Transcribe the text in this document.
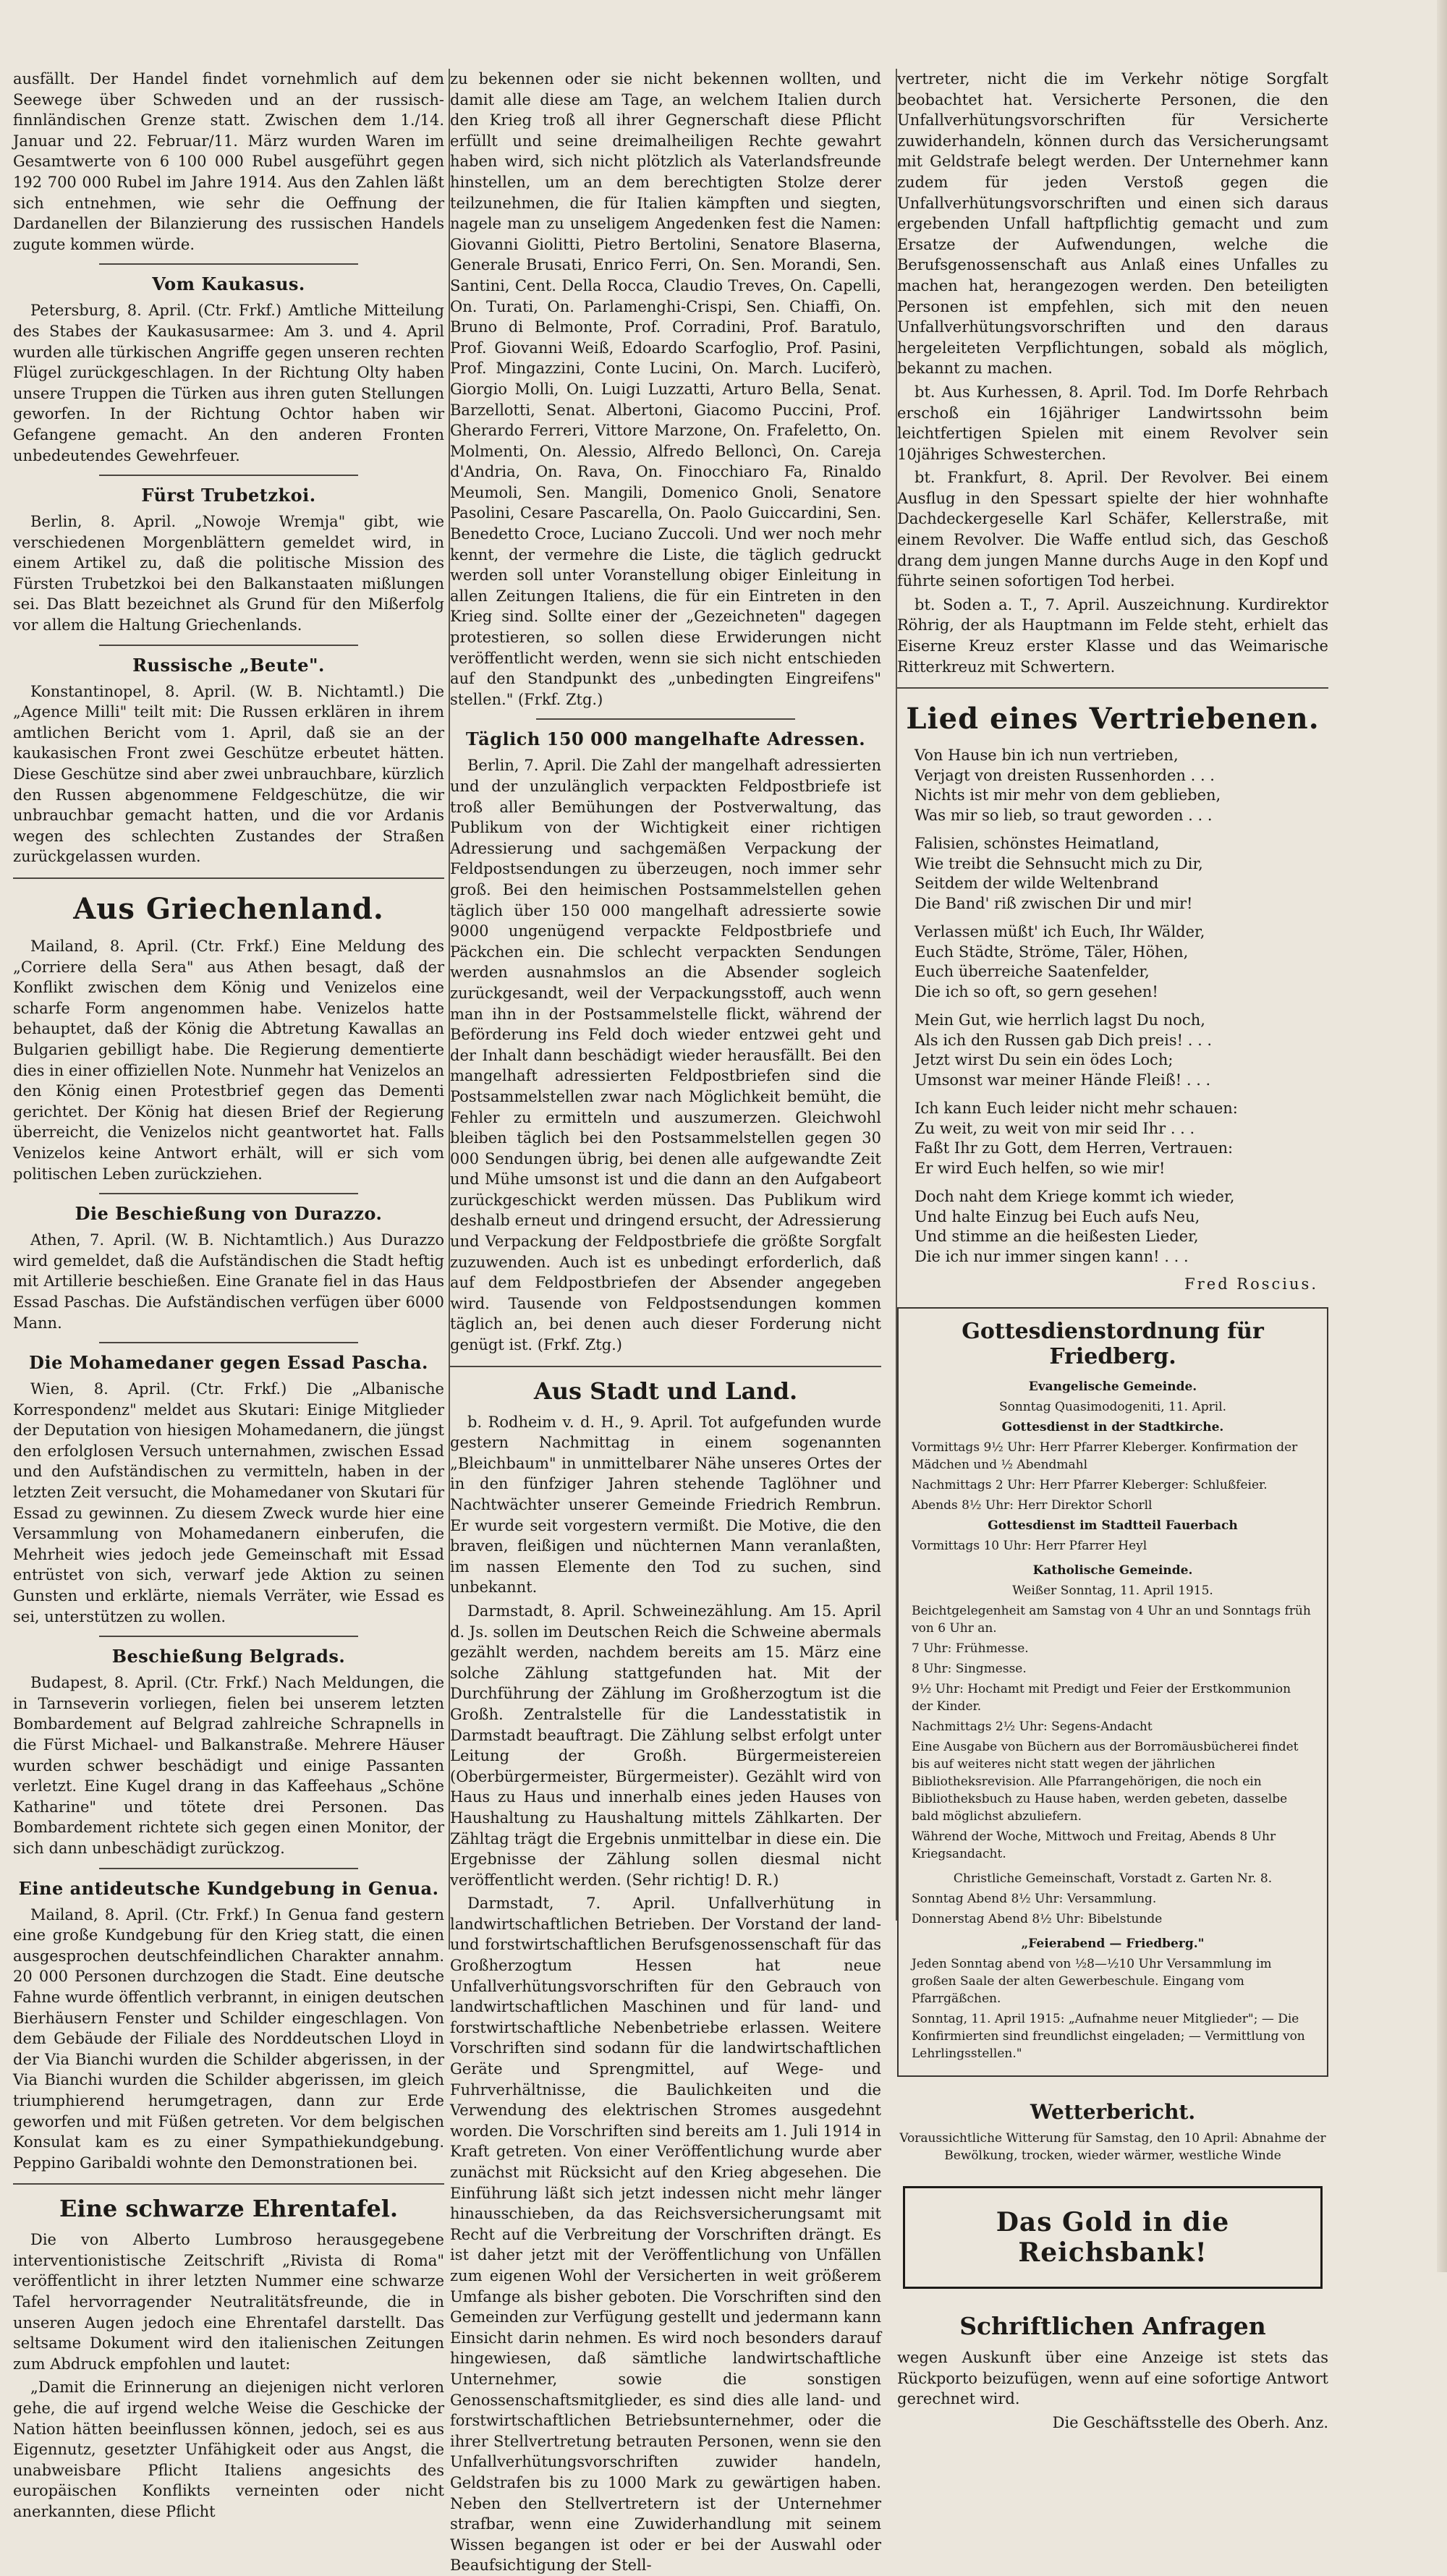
ausfällt. Der Handel findet vornehmlich auf dem Seewege über Schweden und an der russisch-finnländischen Grenze statt. Zwischen dem 1./14. Januar und 22. Februar/11. März wurden Waren im Gesamtwerte von 6 100 000 Rubel ausgeführt gegen 192 700 000 Rubel im Jahre 1914. Aus den Zahlen läßt sich entnehmen, wie sehr die Oeffnung der Dardanellen der Bilanzierung des russischen Handels zugute kommen würde.

Vom Kaukasus.

Petersburg, 8. April. (Ctr. Frkf.) Amtliche Mitteilung des Stabes der Kaukasusarmee: Am 3. und 4. April wurden alle türkischen Angriffe gegen unseren rechten Flügel zurückgeschlagen. In der Richtung Olty haben unsere Truppen die Türken aus ihren guten Stellungen geworfen. In der Richtung Ochtor haben wir Gefangene gemacht. An den anderen Fronten unbedeutendes Gewehrfeuer.

Fürst Trubetzkoi.

Berlin, 8. April. „Nowoje Wremja" gibt, wie verschiedenen Morgenblättern gemeldet wird, in einem Artikel zu, daß die politische Mission des Fürsten Trubetzkoi bei den Balkanstaaten mißlungen sei. Das Blatt bezeichnet als Grund für den Mißerfolg vor allem die Haltung Griechenlands.

Russische „Beute".

Konstantinopel, 8. April. (W. B. Nichtamtl.) Die „Agence Milli" teilt mit: Die Russen erklären in ihrem amtlichen Bericht vom 1. April, daß sie an der kaukasischen Front zwei Geschütze erbeutet hätten. Diese Geschütze sind aber zwei unbrauchbare, kürzlich den Russen abgenommene Feldgeschütze, die wir unbrauchbar gemacht hatten, und die vor Ardanis wegen des schlechten Zustandes der Straßen zurückgelassen wurden.

Aus Griechenland.

Mailand, 8. April. (Ctr. Frkf.) Eine Meldung des „Corriere della Sera" aus Athen besagt, daß der Konflikt zwischen dem König und Venizelos eine scharfe Form angenommen habe. Venizelos hatte behauptet, daß der König die Abtretung Kawallas an Bulgarien gebilligt habe. Die Regierung dementierte dies in einer offiziellen Note. Nunmehr hat Venizelos an den König einen Protestbrief gegen das Dementi gerichtet. Der König hat diesen Brief der Regierung überreicht, die Venizelos nicht geantwortet hat. Falls Venizelos keine Antwort erhält, will er sich vom politischen Leben zurückziehen.

Die Beschießung von Durazzo.

Athen, 7. April. (W. B. Nichtamtlich.) Aus Durazzo wird gemeldet, daß die Aufständischen die Stadt heftig mit Artillerie beschießen. Eine Granate fiel in das Haus Essad Paschas. Die Aufständischen verfügen über 6000 Mann.

Die Mohamedaner gegen Essad Pascha.

Wien, 8. April. (Ctr. Frkf.) Die „Albanische Korrespondenz" meldet aus Skutari: Einige Mitglieder der Deputation von hiesigen Mohamedanern, die jüngst den erfolglosen Versuch unternahmen, zwischen Essad und den Aufständischen zu vermitteln, haben in der letzten Zeit versucht, die Mohamedaner von Skutari für Essad zu gewinnen. Zu diesem Zweck wurde hier eine Versammlung von Mohamedanern einberufen, die Mehrheit wies jedoch jede Gemeinschaft mit Essad entrüstet von sich, verwarf jede Aktion zu seinen Gunsten und erklärte, niemals Verräter, wie Essad es sei, unterstützen zu wollen.

Beschießung Belgrads.

Budapest, 8. April. (Ctr. Frkf.) Nach Meldungen, die in Tarnseverin vorliegen, fielen bei unserem letzten Bombardement auf Belgrad zahlreiche Schrapnells in die Fürst Michael- und Balkanstraße. Mehrere Häuser wurden schwer beschädigt und einige Passanten verletzt. Eine Kugel drang in das Kaffeehaus „Schöne Katharine" und tötete drei Personen. Das Bombardement richtete sich gegen einen Monitor, der sich dann unbeschädigt zurückzog.

Eine antideutsche Kundgebung in Genua.

Mailand, 8. April. (Ctr. Frkf.) In Genua fand gestern eine große Kundgebung für den Krieg statt, die einen ausgesprochen deutschfeindlichen Charakter annahm. 20 000 Personen durchzogen die Stadt. Eine deutsche Fahne wurde öffentlich verbrannt, in einigen deutschen Bierhäusern Fenster und Schilder eingeschlagen. Von dem Gebäude der Filiale des Norddeutschen Lloyd in der Via Bianchi wurden die Schilder abgerissen, in der Via Bianchi wurden die Schilder abgerissen, im gleich triumphierend herumgetragen, dann zur Erde geworfen und mit Füßen getreten. Vor dem belgischen Konsulat kam es zu einer Sympathiekundgebung. Peppino Garibaldi wohnte den Demonstrationen bei.

Eine schwarze Ehrentafel.

Die von Alberto Lumbroso herausgegebene interventionistische Zeitschrift „Rivista di Roma" veröffentlicht in ihrer letzten Nummer eine schwarze Tafel hervorragender Neutralitätsfreunde, die in unseren Augen jedoch eine Ehrentafel darstellt. Das seltsame Dokument wird den italienischen Zeitungen zum Abdruck empfohlen und lautet:

„Damit die Erinnerung an diejenigen nicht verloren gehe, die auf irgend welche Weise die Geschicke der Nation hätten beeinflussen können, jedoch, sei es aus Eigennutz, gesetzter Unfähigkeit oder aus Angst, die unabweisbare Pflicht Italiens angesichts des europäischen Konflikts verneinten oder nicht anerkannten, diese Pflicht

zu bekennen oder sie nicht bekennen wollten, und damit alle diese am Tage, an welchem Italien durch den Krieg troß all ihrer Gegnerschaft diese Pflicht erfüllt und seine dreimalheiligen Rechte gewahrt haben wird, sich nicht plötzlich als Vaterlandsfreunde hinstellen, um an dem berechtigten Stolze derer teilzunehmen, die für Italien kämpften und siegten, nagele man zu unseligem Angedenken fest die Namen: Giovanni Giolitti, Pietro Bertolini, Senatore Blaserna, Generale Brusati, Enrico Ferri, On. Sen. Morandi, Sen. Santini, Cent. Della Rocca, Claudio Treves, On. Capelli, On. Turati, On. Parlamenghi-Crispi, Sen. Chiaffi, On. Bruno di Belmonte, Prof. Corradini, Prof. Baratulo, Prof. Giovanni Weiß, Edoardo Scarfoglio, Prof. Pasini, Prof. Mingazzini, Conte Lucini, On. March. Luciferò, Giorgio Molli, On. Luigi Luzzatti, Arturo Bella, Senat. Barzellotti, Senat. Albertoni, Giacomo Puccini, Prof. Gherardo Ferreri, Vittore Marzone, On. Frafeletto, On. Molmenti, On. Alessio, Alfredo Belloncì, On. Careja d'Andria, On. Rava, On. Finocchiaro Fa, Rinaldo Meumoli, Sen. Mangili, Domenico Gnoli, Senatore Pasolini, Cesare Pascarella, On. Paolo Guiccardini, Sen. Benedetto Croce, Luciano Zuccoli. Und wer noch mehr kennt, der vermehre die Liste, die täglich gedruckt werden soll unter Voranstellung obiger Einleitung in allen Zeitungen Italiens, die für ein Eintreten in den Krieg sind. Sollte einer der „Gezeichneten" dagegen protestieren, so sollen diese Erwiderungen nicht veröffentlicht werden, wenn sie sich nicht entschieden auf den Standpunkt des „unbedingten Eingreifens" stellen." (Frkf. Ztg.)

Täglich 150 000 mangelhafte Adressen.

Berlin, 7. April. Die Zahl der mangelhaft adressierten und der unzulänglich verpackten Feldpostbriefe ist troß aller Bemühungen der Postverwaltung, das Publikum von der Wichtigkeit einer richtigen Adressierung und sachgemäßen Verpackung der Feldpostsendungen zu überzeugen, noch immer sehr groß. Bei den heimischen Postsammelstellen gehen täglich über 150 000 mangelhaft adressierte sowie 9000 ungenügend verpackte Feldpostbriefe und Päckchen ein. Die schlecht verpackten Sendungen werden ausnahmslos an die Absender sogleich zurückgesandt, weil der Verpackungsstoff, auch wenn man ihn in der Postsammelstelle flickt, während der Beförderung ins Feld doch wieder entzwei geht und der Inhalt dann beschädigt wieder herausfällt. Bei den mangelhaft adressierten Feldpostbriefen sind die Postsammelstellen zwar nach Möglichkeit bemüht, die Fehler zu ermitteln und auszumerzen. Gleichwohl bleiben täglich bei den Postsammelstellen gegen 30 000 Sendungen übrig, bei denen alle aufgewandte Zeit und Mühe umsonst ist und die dann an den Aufgabeort zurückgeschickt werden müssen. Das Publikum wird deshalb erneut und dringend ersucht, der Adressierung und Verpackung der Feldpostbriefe die größte Sorgfalt zuzuwenden. Auch ist es unbedingt erforderlich, daß auf dem Feldpostbriefen der Absender angegeben wird. Tausende von Feldpostsendungen kommen täglich an, bei denen auch dieser Forderung nicht genügt ist. (Frkf. Ztg.)

Aus Stadt und Land.

b. Rodheim v. d. H., 9. April. Tot aufgefunden wurde gestern Nachmittag in einem sogenannten „Bleichbaum" in unmittelbarer Nähe unseres Ortes der in den fünfziger Jahren stehende Taglöhner und Nachtwächter unserer Gemeinde Friedrich Rembrun. Er wurde seit vorgestern vermißt. Die Motive, die den braven, fleißigen und nüchternen Mann veranlaßten, im nassen Elemente den Tod zu suchen, sind unbekannt.

Darmstadt, 8. April. Schweinezählung. Am 15. April d. Js. sollen im Deutschen Reich die Schweine abermals gezählt werden, nachdem bereits am 15. März eine solche Zählung stattgefunden hat. Mit der Durchführung der Zählung im Großherzogtum ist die Großh. Zentralstelle für die Landesstatistik in Darmstadt beauftragt. Die Zählung selbst erfolgt unter Leitung der Großh. Bürgermeistereien (Oberbürgermeister, Bürgermeister). Gezählt wird von Haus zu Haus und innerhalb eines jeden Hauses von Haushaltung zu Haushaltung mittels Zählkarten. Der Zähltag trägt die Ergebnis unmittelbar in diese ein. Die Ergebnisse der Zählung sollen diesmal nicht veröffentlicht werden. (Sehr richtig! D. R.)

Darmstadt, 7. April. Unfallverhütung in landwirtschaftlichen Betrieben. Der Vorstand der land- und forstwirtschaftlichen Berufsgenossenschaft für das Großherzogtum Hessen hat neue Unfallverhütungsvorschriften für den Gebrauch von landwirtschaftlichen Maschinen und für land- und forstwirtschaftliche Nebenbetriebe erlassen. Weitere Vorschriften sind sodann für die landwirtschaftlichen Geräte und Sprengmittel, auf Wege- und Fuhrverhältnisse, die Baulichkeiten und die Verwendung des elektrischen Stromes ausgedehnt worden. Die Vorschriften sind bereits am 1. Juli 1914 in Kraft getreten. Von einer Veröffentlichung wurde aber zunächst mit Rücksicht auf den Krieg abgesehen. Die Einführung läßt sich jetzt indessen nicht mehr länger hinausschieben, da das Reichsversicherungsamt mit Recht auf die Verbreitung der Vorschriften drängt. Es ist daher jetzt mit der Veröffentlichung von Unfällen zum eigenen Wohl der Versicherten in weit größerem Umfange als bisher geboten. Die Vorschriften sind den Gemeinden zur Verfügung gestellt und jedermann kann Einsicht darin nehmen. Es wird noch besonders darauf hingewiesen, daß sämtliche landwirtschaftliche Unternehmer, sowie die sonstigen Genossenschaftsmitglieder, es sind dies alle land- und forstwirtschaftlichen Betriebsunternehmer, oder die ihrer Stellvertretung betrauten Personen, wenn sie den Unfallverhütungsvorschriften zuwider handeln, Geldstrafen bis zu 1000 Mark zu gewärtigen haben. Neben den Stellvertretern ist der Unternehmer strafbar, wenn eine Zuwiderhandlung mit seinem Wissen begangen ist oder er bei der Auswahl oder Beaufsichtigung der Stell-

vertreter, nicht die im Verkehr nötige Sorgfalt beobachtet hat. Versicherte Personen, die den Unfallverhütungsvorschriften für Versicherte zuwiderhandeln, können durch das Versicherungsamt mit Geldstrafe belegt werden. Der Unternehmer kann zudem für jeden Verstoß gegen die Unfallverhütungsvorschriften und einen sich daraus ergebenden Unfall haftpflichtig gemacht und zum Ersatze der Aufwendungen, welche die Berufsgenossenschaft aus Anlaß eines Unfalles zu machen hat, herangezogen werden. Den beteiligten Personen ist empfehlen, sich mit den neuen Unfallverhütungsvorschriften und den daraus hergeleiteten Verpflichtungen, sobald als möglich, bekannt zu machen.

bt. Aus Kurhessen, 8. April. Tod. Im Dorfe Rehrbach erschoß ein 16jähriger Landwirtssohn beim leichtfertigen Spielen mit einem Revolver sein 10jähriges Schwesterchen.

bt. Frankfurt, 8. April. Der Revolver. Bei einem Ausflug in den Spessart spielte der hier wohnhafte Dachdeckergeselle Karl Schäfer, Kellerstraße, mit einem Revolver. Die Waffe entlud sich, das Geschoß drang dem jungen Manne durchs Auge in den Kopf und führte seinen sofortigen Tod herbei.

bt. Soden a. T., 7. April. Auszeichnung. Kurdirektor Röhrig, der als Hauptmann im Felde steht, erhielt das Eiserne Kreuz erster Klasse und das Weimarische Ritterkreuz mit Schwertern.

Lied eines Vertriebenen.

Von Hause bin ich nun vertrieben,

Verjagt von dreisten Russenhorden . . .

Nichts ist mir mehr von dem geblieben,

Was mir so lieb, so traut geworden . . .

Falisien, schönstes Heimatland,

Wie treibt die Sehnsucht mich zu Dir,

Seitdem der wilde Weltenbrand

Die Band' riß zwischen Dir und mir!

Verlassen müßt' ich Euch, Ihr Wälder,

Euch Städte, Ströme, Täler, Höhen,

Euch überreiche Saatenfelder,

Die ich so oft, so gern gesehen!

Mein Gut, wie herrlich lagst Du noch,

Als ich den Russen gab Dich preis! . . .

Jetzt wirst Du sein ein ödes Loch;

Umsonst war meiner Hände Fleiß! . . .

Ich kann Euch leider nicht mehr schauen:

Zu weit, zu weit von mir seid Ihr . . .

Faßt Ihr zu Gott, dem Herren, Vertrauen:

Er wird Euch helfen, so wie mir!

Doch naht dem Kriege kommt ich wieder,

Und halte Einzug bei Euch aufs Neu,

Und stimme an die heißesten Lieder,

Die ich nur immer singen kann! . . .

Fred Roscius.
Gottesdienstordnung für Friedberg.

Evangelische Gemeinde.

Sonntag Quasimodogeniti, 11. April.

Gottesdienst in der Stadtkirche.

Vormittags 9½ Uhr: Herr Pfarrer Kleberger. Konfirmation der Mädchen und ½ Abendmahl

Nachmittags 2 Uhr: Herr Pfarrer Kleberger: Schlußfeier.

Abends 8½ Uhr: Herr Direktor Schorll

Gottesdienst im Stadtteil Fauerbach

Vormittags 10 Uhr: Herr Pfarrer Heyl

Katholische Gemeinde.

Weißer Sonntag, 11. April 1915.

Beichtgelegenheit am Samstag von 4 Uhr an und Sonntags früh von 6 Uhr an.

7 Uhr: Frühmesse.

8 Uhr: Singmesse.

9½ Uhr: Hochamt mit Predigt und Feier der Erstkommunion der Kinder.

Nachmittags 2½ Uhr: Segens-Andacht

Eine Ausgabe von Büchern aus der Borromäusbücherei findet bis auf weiteres nicht statt wegen der jährlichen Bibliotheksrevision. Alle Pfarrangehörigen, die noch ein Bibliotheksbuch zu Hause haben, werden gebeten, dasselbe bald möglichst abzuliefern.

Während der Woche, Mittwoch und Freitag, Abends 8 Uhr Kriegsandacht.

Christliche Gemeinschaft, Vorstadt z. Garten Nr. 8.

Sonntag Abend 8½ Uhr: Versammlung.

Donnerstag Abend 8½ Uhr: Bibelstunde

„Feierabend — Friedberg."

Jeden Sonntag abend von ½8—½10 Uhr Versammlung im großen Saale der alten Gewerbeschule. Eingang vom Pfarrgäßchen.

Sonntag, 11. April 1915: „Aufnahme neuer Mitglieder"; — Die Konfirmierten sind freundlichst eingeladen; — Vermittlung von Lehrlingsstellen."

Wetterbericht.

Voraussichtliche Witterung für Samstag, den 10 April: Abnahme der Bewölkung, trocken, wieder wärmer, westliche Winde

Das Gold in die Reichsbank!
Schriftlichen Anfragen

wegen Auskunft über eine Anzeige ist stets das Rückporto beizufügen, wenn auf eine sofortige Antwort gerechnet wird.

Die Geschäftsstelle des Oberh. Anz.
